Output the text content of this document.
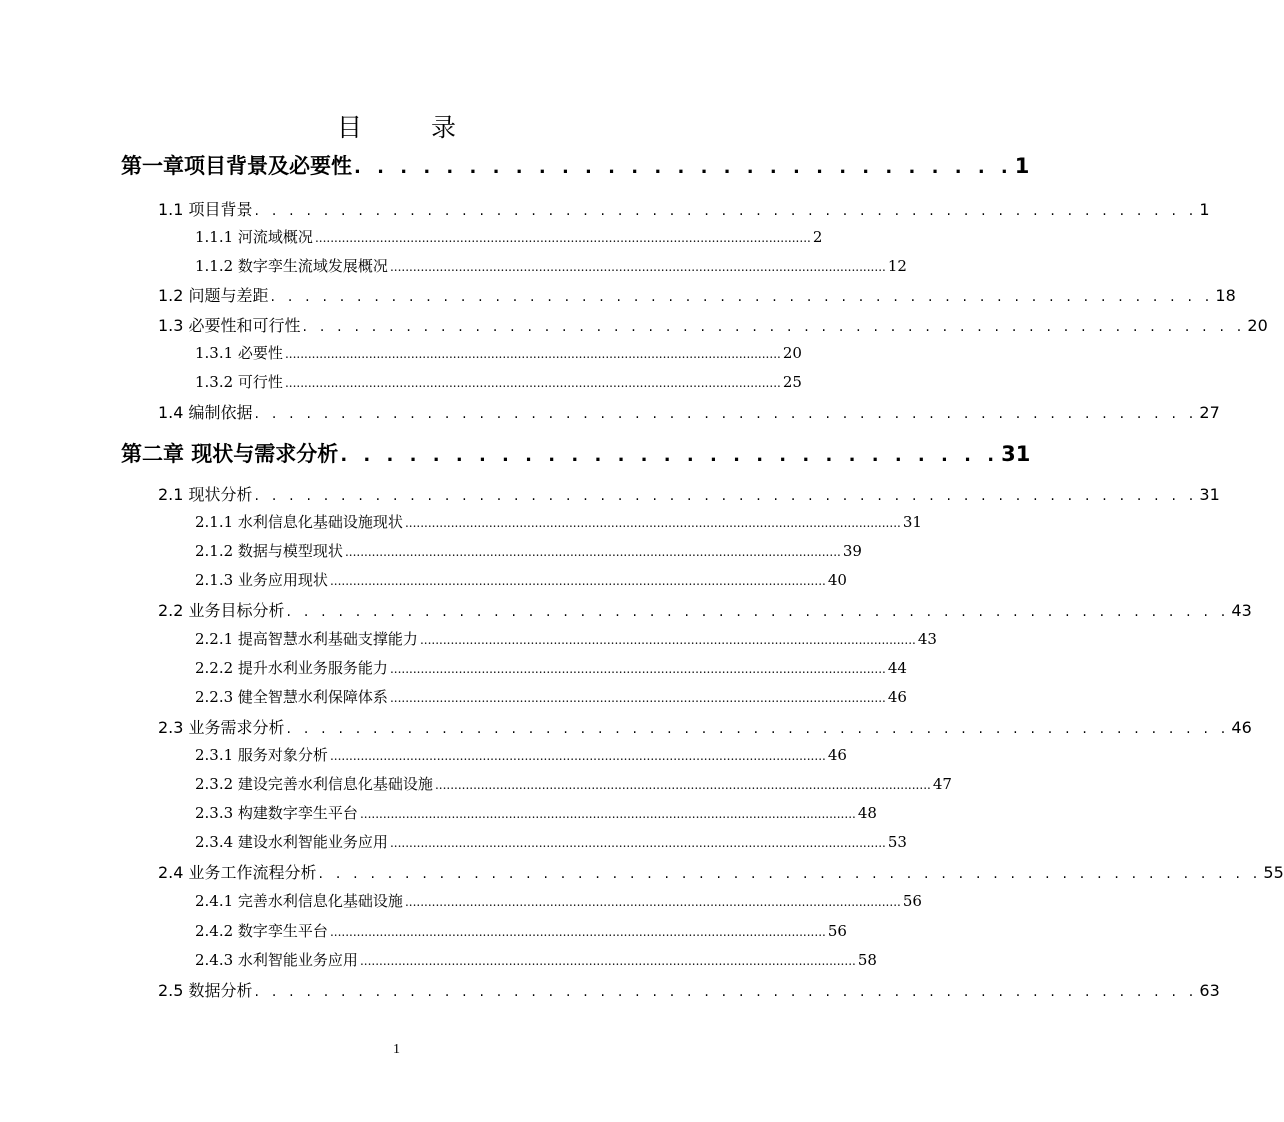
目　录
第一章项目背景及必要性 . . . . . . . . . . . . . . . . . . . . . . . . . . . . . 1
1.1 项目背景 . . . . . . . . . . . . . . . . . . . . . . . . . . . . . . . . . . . . . . . . . . . . . . . . . . . . . . . 1
1.1.1 河流域概况 .................................................................................................................................. 2
1.1.2 数字孪生流域发展概况 .................................................................................................................................. 12
1.2 问题与差距 . . . . . . . . . . . . . . . . . . . . . . . . . . . . . . . . . . . . . . . . . . . . . . . . . . . . . . . 18
1.3 必要性和可行性 . . . . . . . . . . . . . . . . . . . . . . . . . . . . . . . . . . . . . . . . . . . . . . . . . . . . . . . 20
1.3.1 必要性 .................................................................................................................................. 20
1.3.2 可行性 .................................................................................................................................. 25
1.4 编制依据 . . . . . . . . . . . . . . . . . . . . . . . . . . . . . . . . . . . . . . . . . . . . . . . . . . . . . . . 27
第二章 现状与需求分析 . . . . . . . . . . . . . . . . . . . . . . . . . . . . . 31
2.1 现状分析 . . . . . . . . . . . . . . . . . . . . . . . . . . . . . . . . . . . . . . . . . . . . . . . . . . . . . . . 31
2.1.1 水利信息化基础设施现状 .................................................................................................................................. 31
2.1.2 数据与模型现状 .................................................................................................................................. 39
2.1.3 业务应用现状 .................................................................................................................................. 40
2.2 业务目标分析 . . . . . . . . . . . . . . . . . . . . . . . . . . . . . . . . . . . . . . . . . . . . . . . . . . . . . . . 43
2.2.1 提高智慧水利基础支撑能力 .................................................................................................................................. 43
2.2.2 提升水利业务服务能力 .................................................................................................................................. 44
2.2.3 健全智慧水利保障体系 .................................................................................................................................. 46
2.3 业务需求分析 . . . . . . . . . . . . . . . . . . . . . . . . . . . . . . . . . . . . . . . . . . . . . . . . . . . . . . . 46
2.3.1 服务对象分析 .................................................................................................................................. 46
2.3.2 建设完善水利信息化基础设施 .................................................................................................................................. 47
2.3.3 构建数字孪生平台 .................................................................................................................................. 48
2.3.4 建设水利智能业务应用 .................................................................................................................................. 53
2.4 业务工作流程分析 . . . . . . . . . . . . . . . . . . . . . . . . . . . . . . . . . . . . . . . . . . . . . . . . . . . . . . . 55
2.4.1 完善水利信息化基础设施 .................................................................................................................................. 56
2.4.2 数字孪生平台 .................................................................................................................................. 56
2.4.3 水利智能业务应用 .................................................................................................................................. 58
2.5 数据分析 . . . . . . . . . . . . . . . . . . . . . . . . . . . . . . . . . . . . . . . . . . . . . . . . . . . . . . . 63
1
